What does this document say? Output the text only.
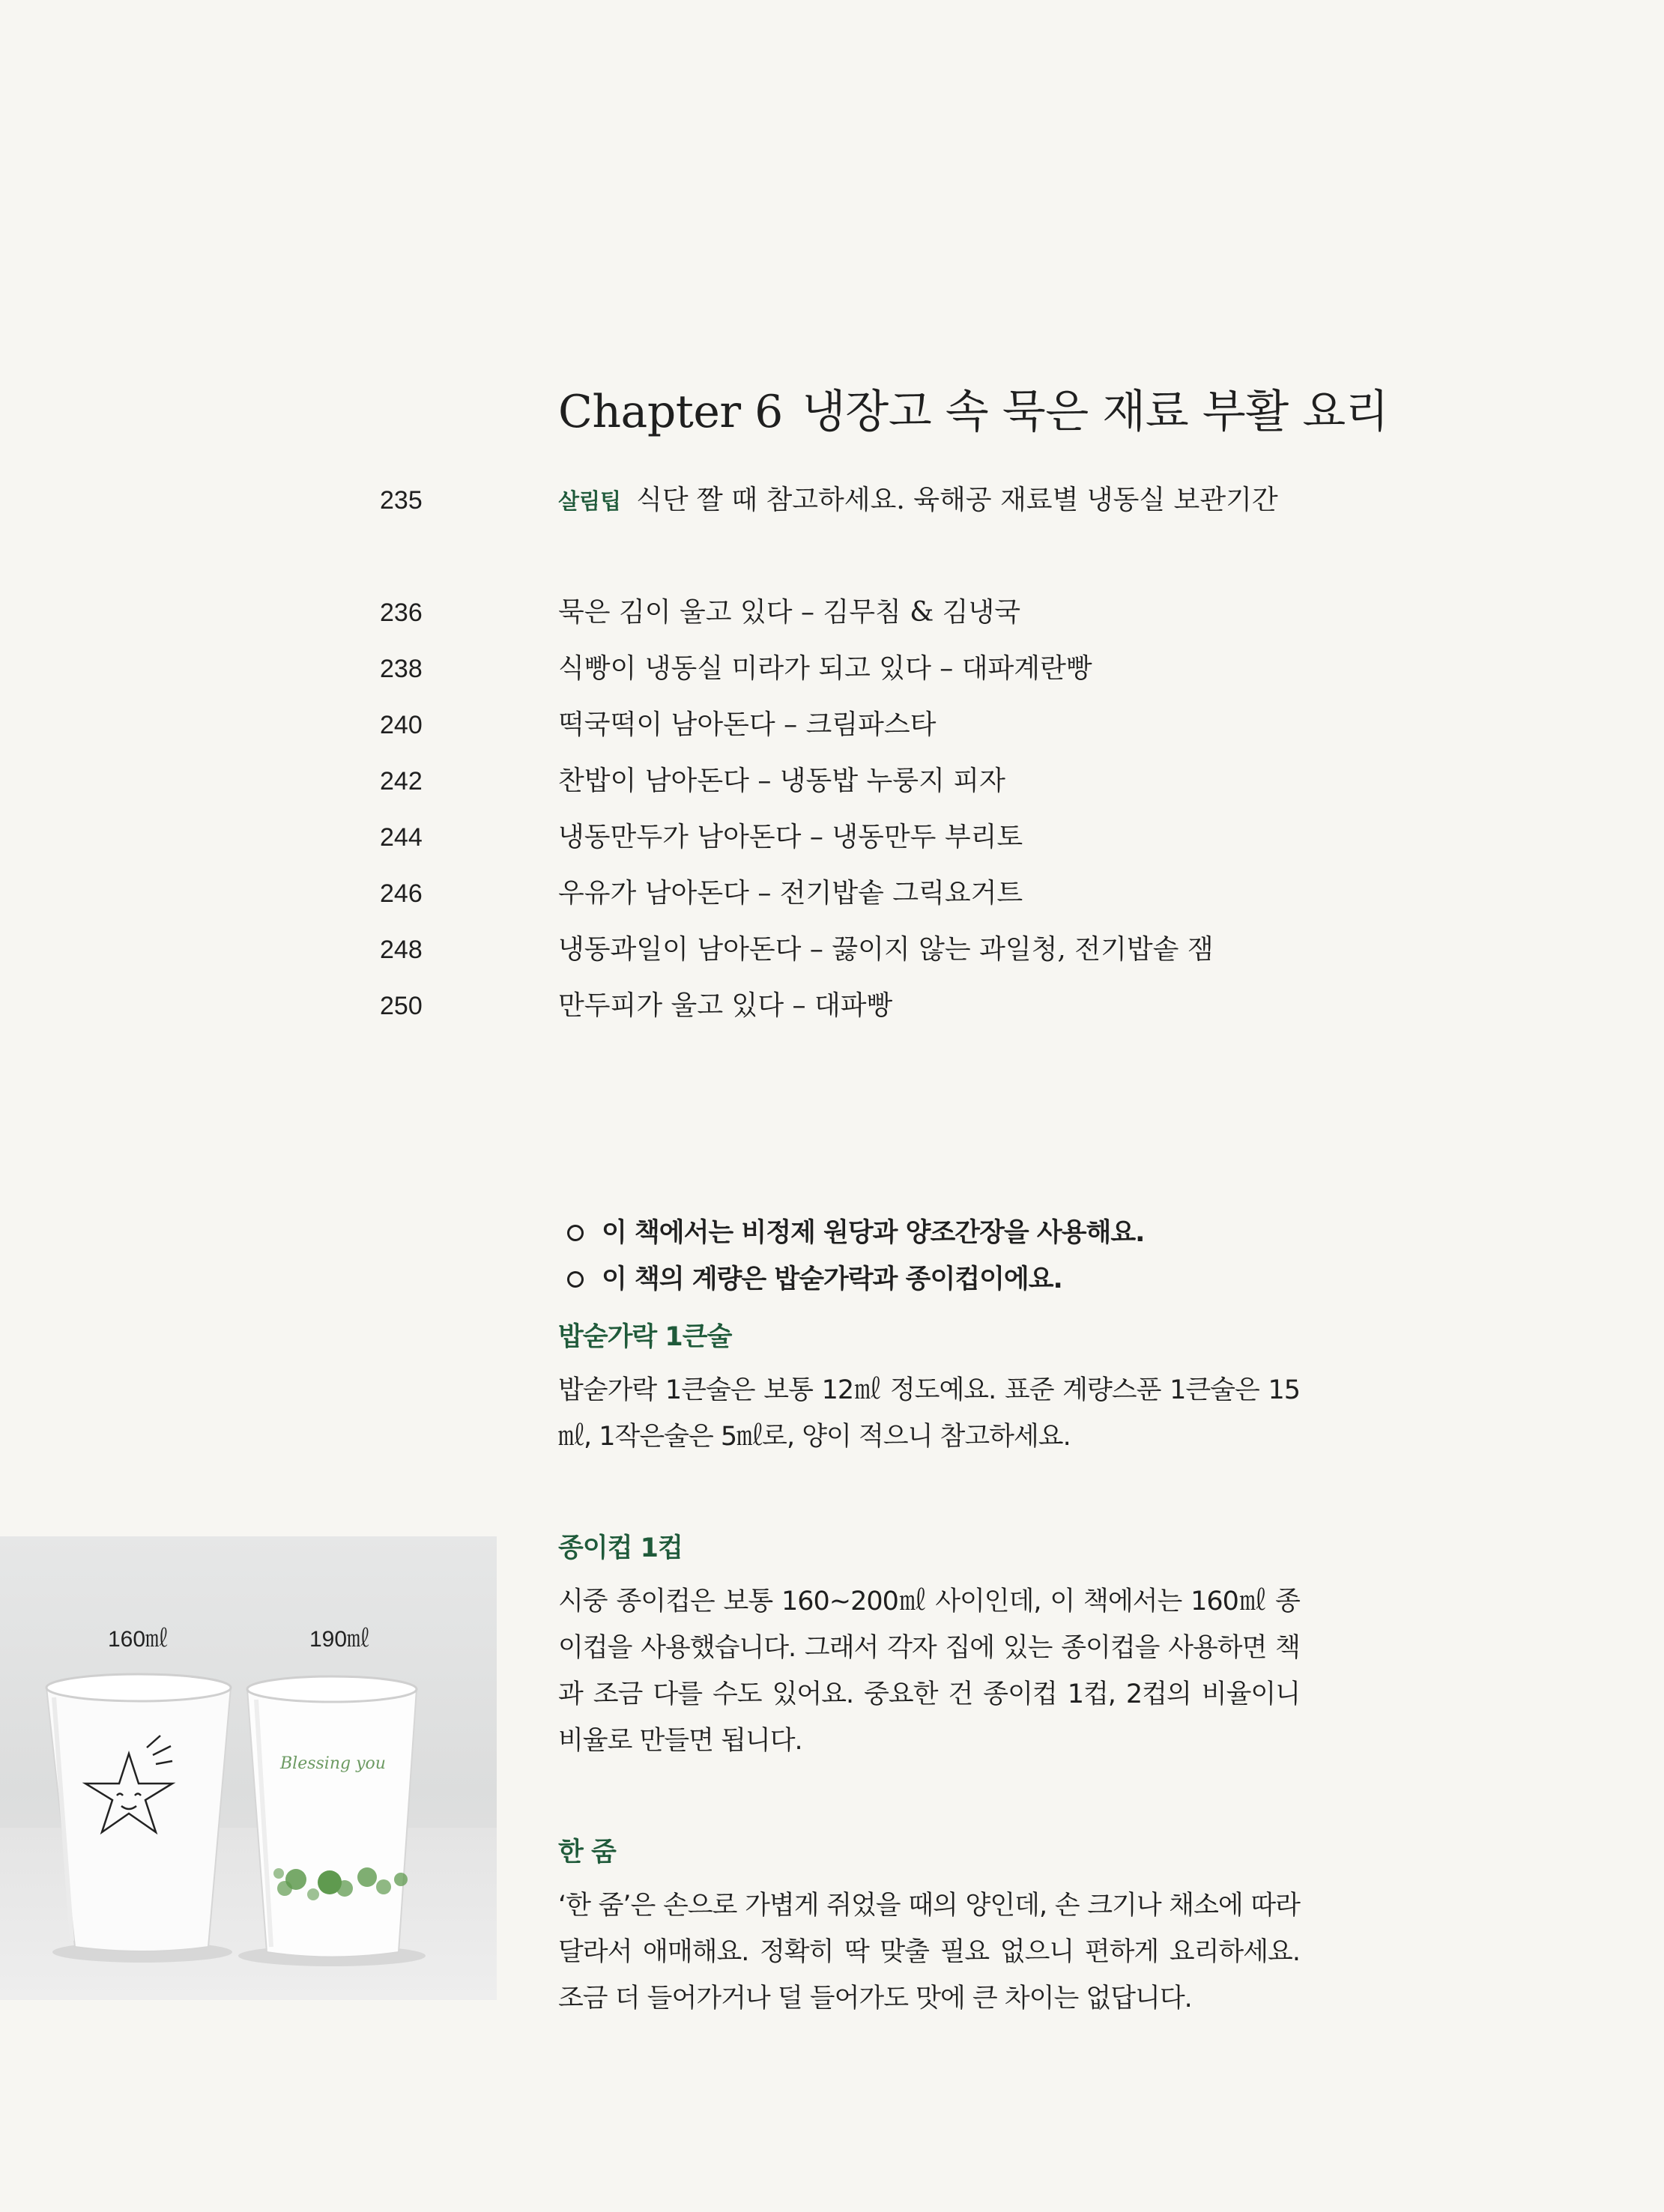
Chapter 6 냉장고 속 묵은 재료 부활 요리
235	살림팁 식단 짤 때 참고하세요. 육해공 재료별 냉동실 보관기간
236	묵은 김이 울고 있다 – 김무침 & 김냉국
238	식빵이 냉동실 미라가 되고 있다 – 대파계란빵
240	떡국떡이 남아돈다 – 크림파스타
242	찬밥이 남아돈다 – 냉동밥 누룽지 피자
244	냉동만두가 남아돈다 – 냉동만두 부리토
246	우유가 남아돈다 – 전기밥솥 그릭요거트
248	냉동과일이 남아돈다 – 끓이지 않는 과일청, 전기밥솥 잼
250	만두피가 울고 있다 – 대파빵
이 책에서는 비정제 원당과 양조간장을 사용해요.
이 책의 계량은 밥숟가락과 종이컵이에요.
밥숟가락 1큰술

밥숟가락 1큰술은 보통 12㎖ 정도예요. 표준 계량스푼 1큰술은 15㎖, 1작은술은 5㎖로, 양이 적으니 참고하세요.

종이컵 1컵

시중 종이컵은 보통 160~200㎖ 사이인데, 이 책에서는 160㎖ 종이컵을 사용했습니다. 그래서 각자 집에 있는 종이컵을 사용하면 책과 조금 다를 수도 있어요. 중요한 건 종이컵 1컵, 2컵의 비율이니 비율로 만들면 됩니다.

한 줌

‘한 줌’은 손으로 가볍게 쥐었을 때의 양인데, 손 크기나 채소에 따라 달라서 애매해요. 정확히 딱 맞출 필요 없으니 편하게 요리하세요. 조금 더 들어가거나 덜 들어가도 맛에 큰 차이는 없답니다.

160㎖	190㎖
Blessing you
